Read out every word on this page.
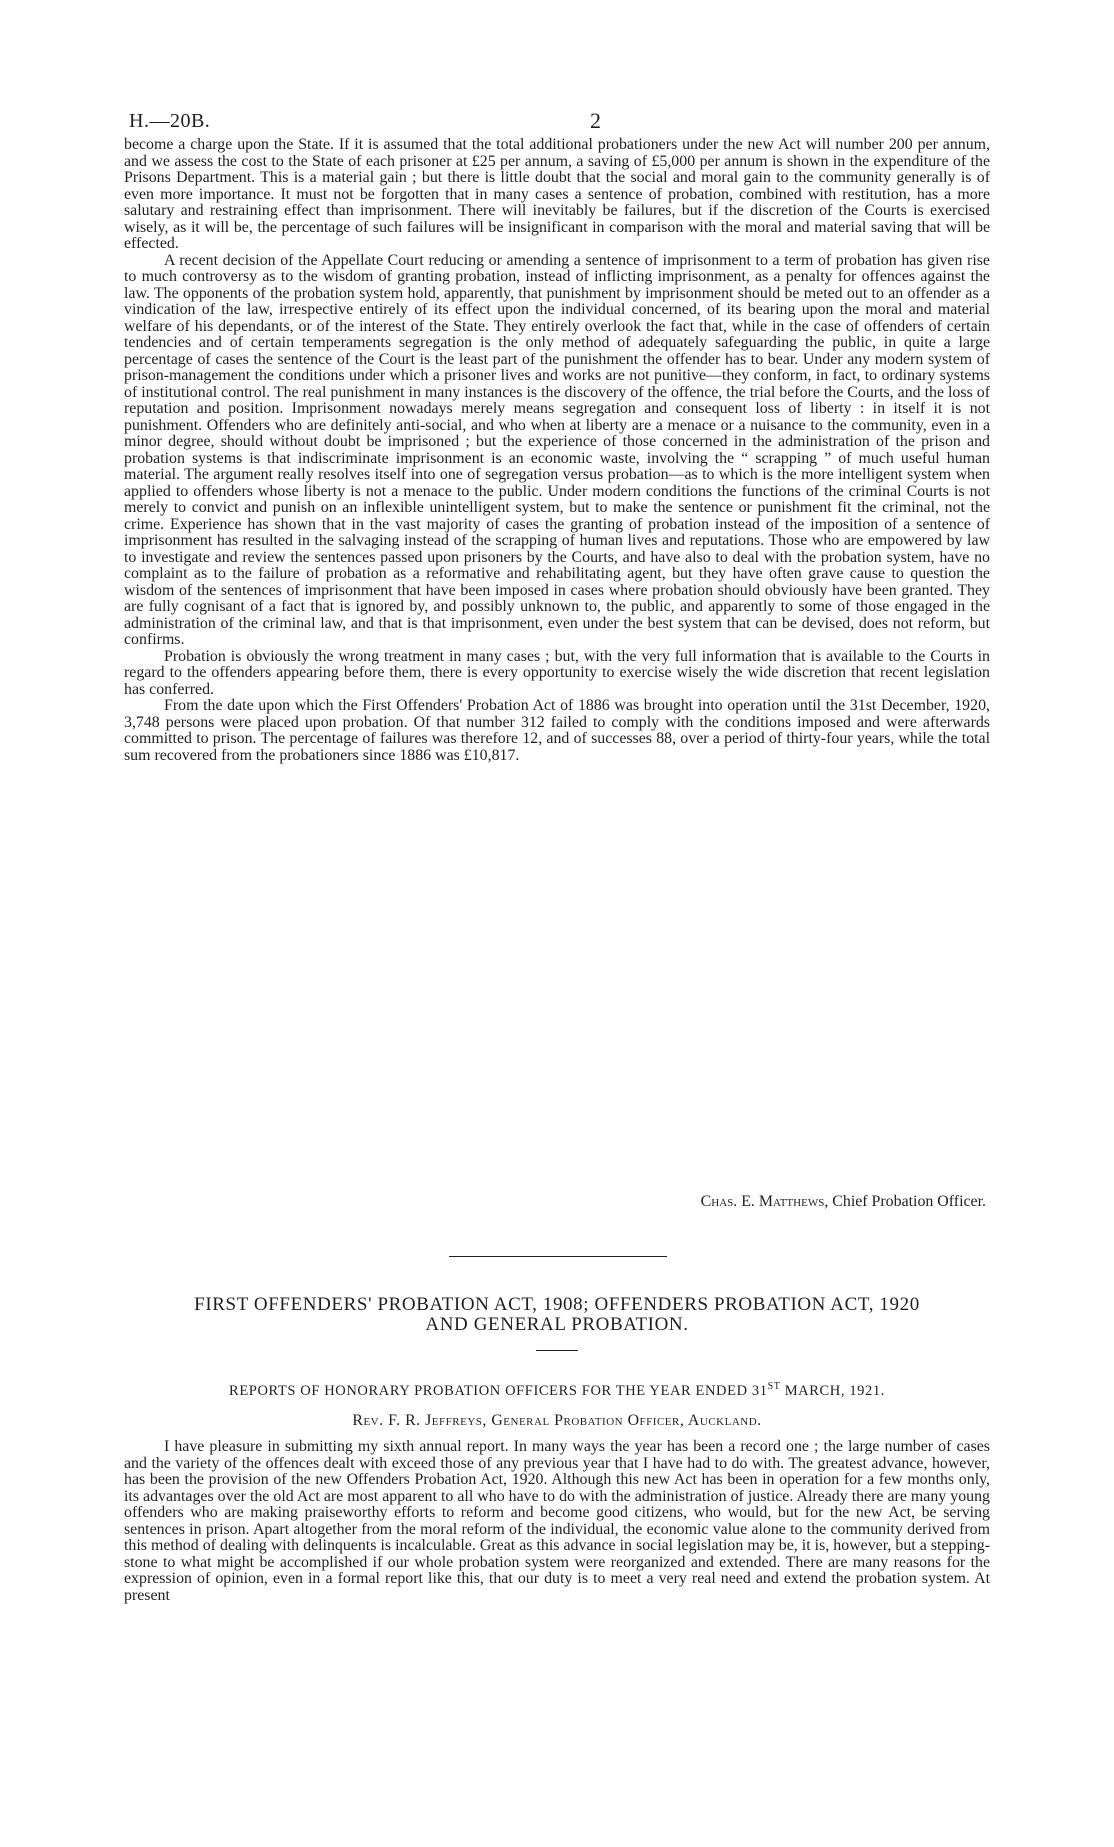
H.—20B.	2

become a charge upon the State. If it is assumed that the total additional probationers under the new Act will number 200 per annum, and we assess the cost to the State of each prisoner at £25 per annum, a saving of £5,000 per annum is shown in the expenditure of the Prisons Department. This is a material gain ; but there is little doubt that the social and moral gain to the community generally is of even more importance. It must not be forgotten that in many cases a sentence of probation, combined with restitution, has a more salutary and restraining effect than imprisonment. There will inevitably be failures, but if the discretion of the Courts is exercised wisely, as it will be, the percentage of such failures will be insignificant in comparison with the moral and material saving that will be effected.

A recent decision of the Appellate Court reducing or amending a sentence of imprisonment to a term of probation has given rise to much controversy as to the wisdom of granting probation, instead of inflicting imprisonment, as a penalty for offences against the law. The opponents of the probation system hold, apparently, that punishment by imprisonment should be meted out to an offender as a vindication of the law, irrespective entirely of its effect upon the individual concerned, of its bearing upon the moral and material welfare of his dependants, or of the interest of the State. They entirely overlook the fact that, while in the case of offenders of certain tendencies and of certain temperaments segregation is the only method of adequately safeguarding the public, in quite a large percentage of cases the sentence of the Court is the least part of the punishment the offender has to bear. Under any modern system of prison-management the conditions under which a prisoner lives and works are not punitive—they conform, in fact, to ordinary systems of institutional control. The real punishment in many instances is the discovery of the offence, the trial before the Courts, and the loss of reputation and position. Imprisonment nowadays merely means segregation and consequent loss of liberty : in itself it is not punishment. Offenders who are definitely anti-social, and who when at liberty are a menace or a nuisance to the community, even in a minor degree, should without doubt be imprisoned ; but the experience of those concerned in the administration of the prison and probation systems is that indiscriminate imprisonment is an economic waste, involving the “ scrapping ” of much useful human material. The argument really resolves itself into one of segregation versus probation—as to which is the more intelligent system when applied to offenders whose liberty is not a menace to the public. Under modern conditions the functions of the criminal Courts is not merely to convict and punish on an inflexible unintelligent system, but to make the sentence or punishment fit the criminal, not the crime. Experience has shown that in the vast majority of cases the granting of probation instead of the imposition of a sentence of imprisonment has resulted in the salvaging instead of the scrapping of human lives and reputations. Those who are empowered by law to investigate and review the sentences passed upon prisoners by the Courts, and have also to deal with the probation system, have no complaint as to the failure of probation as a reformative and rehabilitating agent, but they have often grave cause to question the wisdom of the sentences of imprisonment that have been imposed in cases where probation should obviously have been granted. They are fully cognisant of a fact that is ignored by, and possibly unknown to, the public, and apparently to some of those engaged in the administration of the criminal law, and that is that imprisonment, even under the best system that can be devised, does not reform, but confirms.

Probation is obviously the wrong treatment in many cases ; but, with the very full information that is available to the Courts in regard to the offenders appearing before them, there is every opportunity to exercise wisely the wide discretion that recent legislation has conferred.

From the date upon which the First Offenders' Probation Act of 1886 was brought into operation until the 31st December, 1920, 3,748 persons were placed upon probation. Of that number 312 failed to comply with the conditions imposed and were afterwards committed to prison. The percentage of failures was therefore 12, and of successes 88, over a period of thirty-four years, while the total sum recovered from the probationers since 1886 was £10,817.

Chas. E. Matthews, Chief Probation Officer.
FIRST OFFENDERS' PROBATION ACT, 1908; OFFENDERS PROBATION ACT, 1920
AND GENERAL PROBATION.
REPORTS OF HONORARY PROBATION OFFICERS FOR THE YEAR ENDED 31ST MARCH, 1921.
Rev. F. R. Jeffreys, General Probation Officer, Auckland.

I have pleasure in submitting my sixth annual report. In many ways the year has been a record one ; the large number of cases and the variety of the offences dealt with exceed those of any previous year that I have had to do with. The greatest advance, however, has been the provision of the new Offenders Probation Act, 1920. Although this new Act has been in operation for a few months only, its advantages over the old Act are most apparent to all who have to do with the administration of justice. Already there are many young offenders who are making praiseworthy efforts to reform and become good citizens, who would, but for the new Act, be serving sentences in prison. Apart altogether from the moral reform of the individual, the economic value alone to the community derived from this method of dealing with delinquents is incalculable. Great as this advance in social legislation may be, it is, however, but a stepping-stone to what might be accomplished if our whole probation system were reorganized and extended. There are many reasons for the expression of opinion, even in a formal report like this, that our duty is to meet a very real need and extend the probation system. At present
